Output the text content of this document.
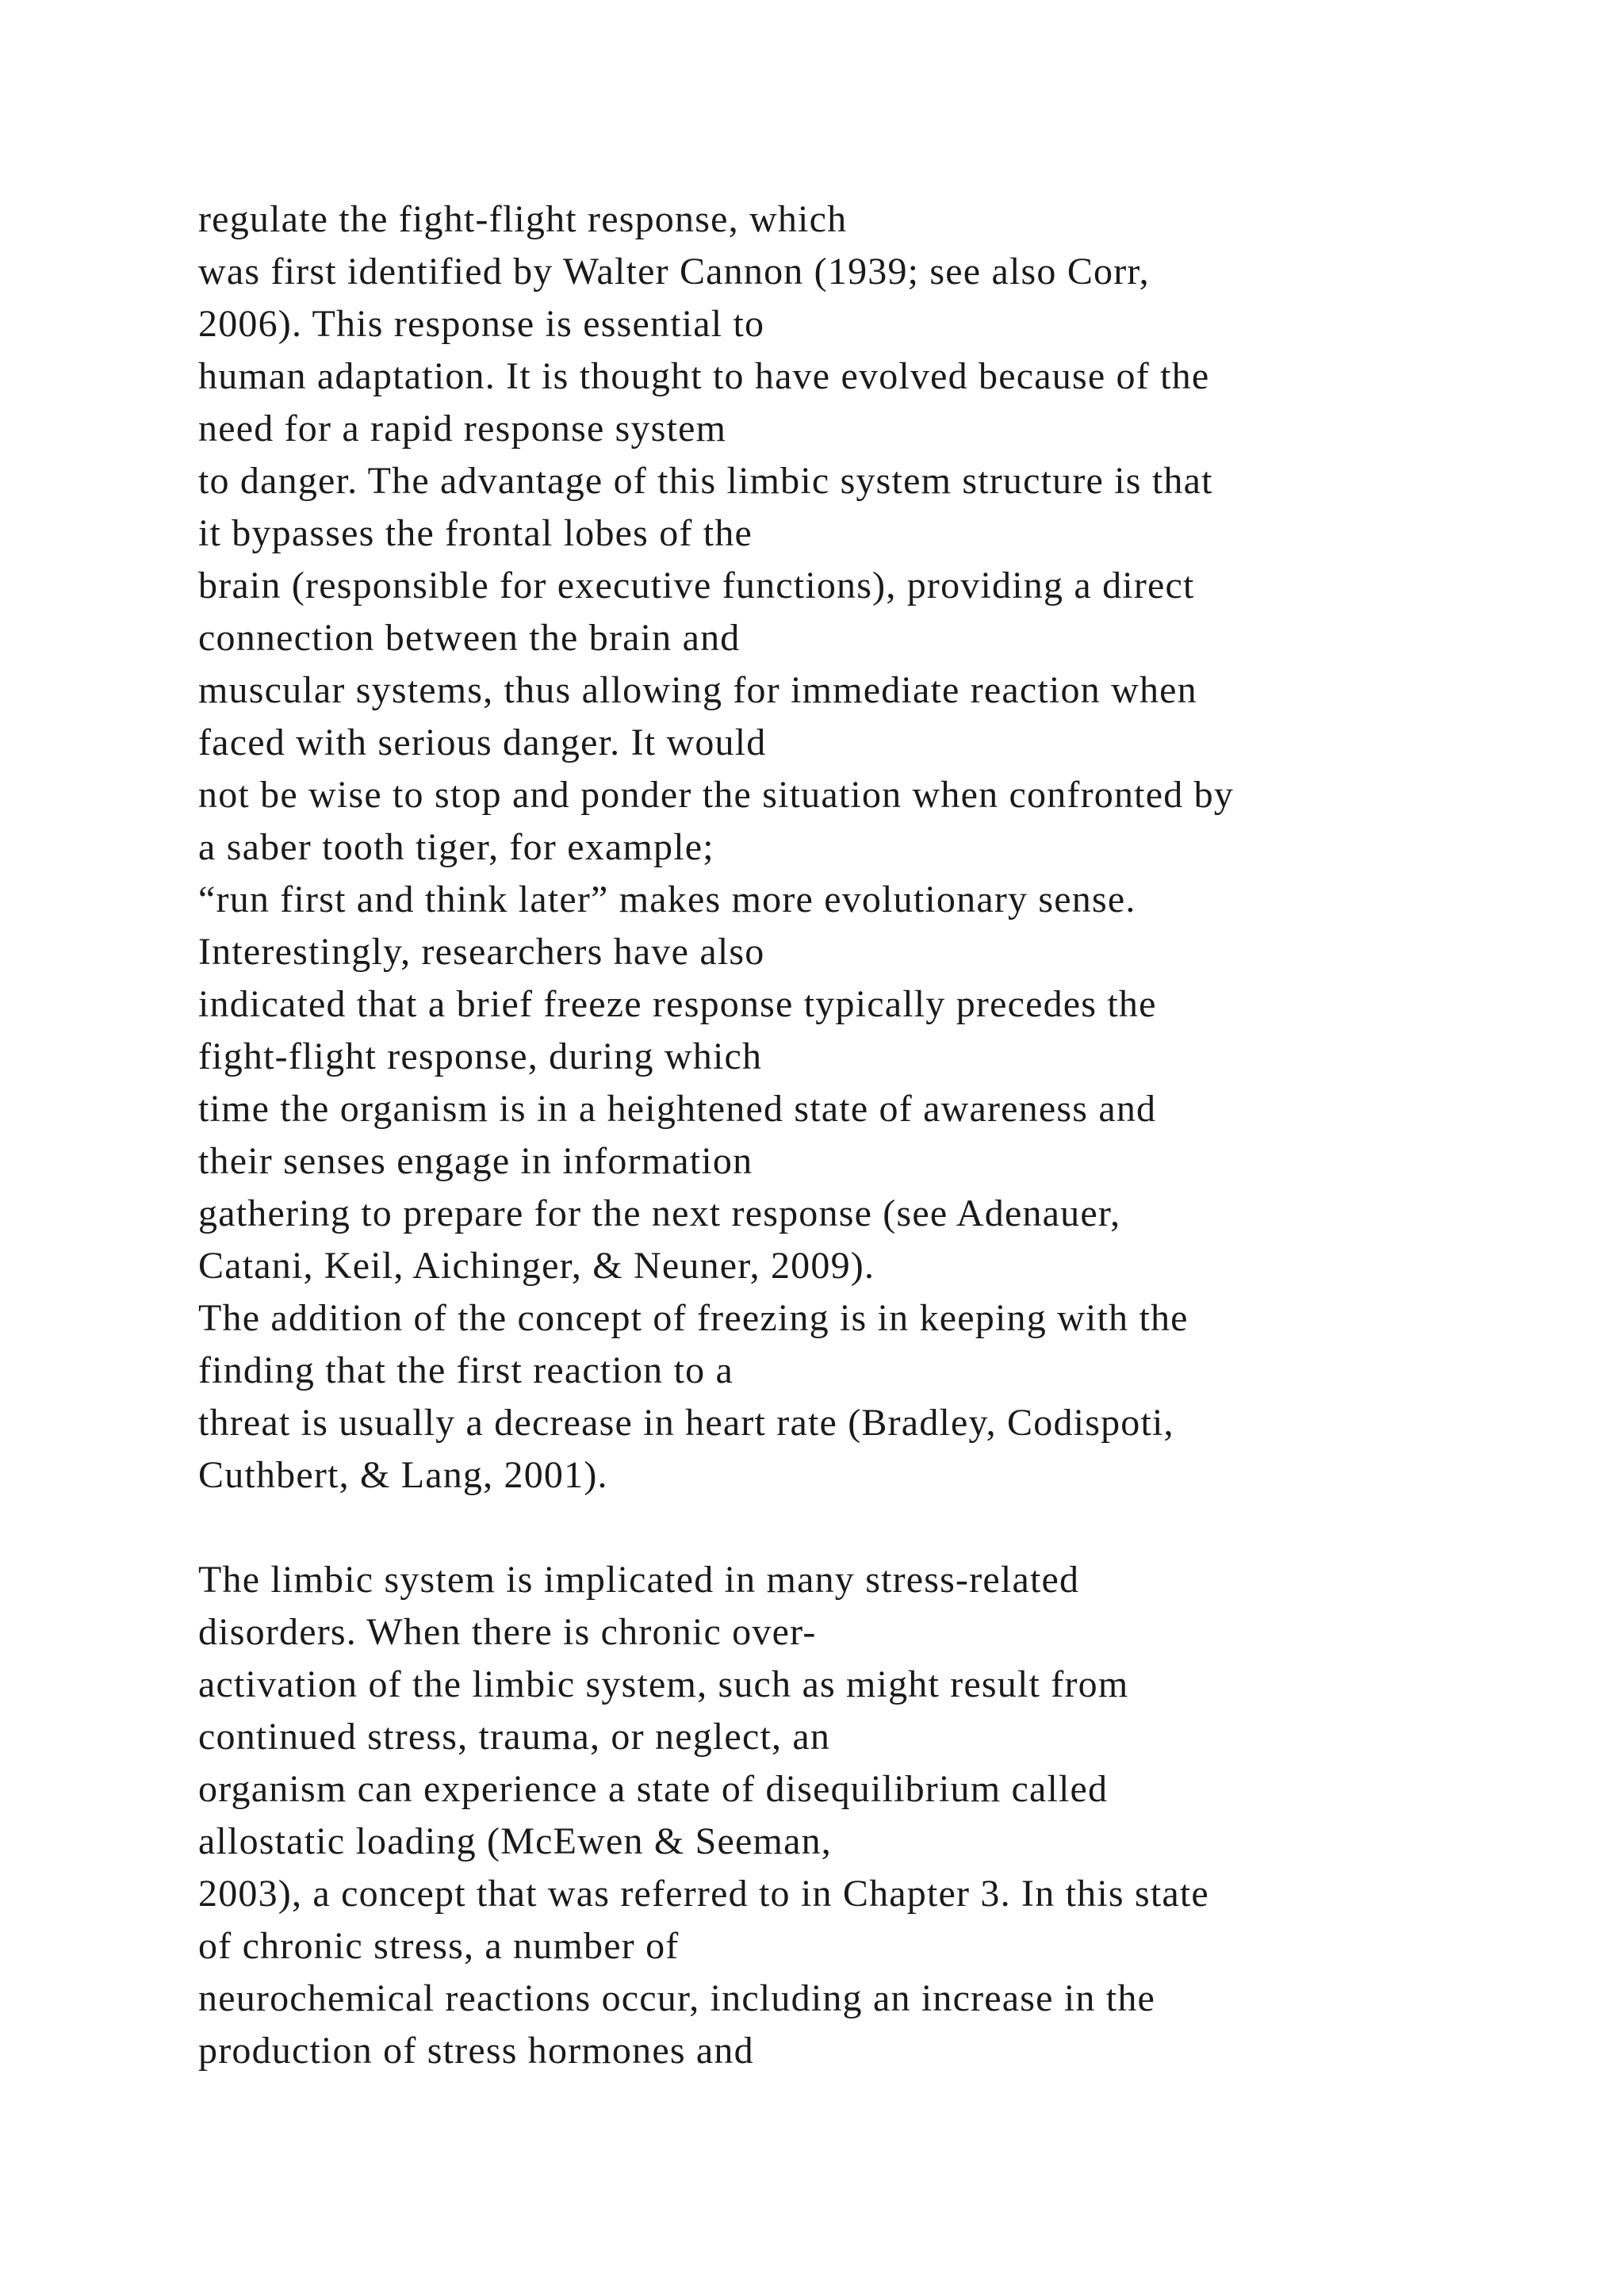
regulate the fight-flight response, which
was first identified by Walter Cannon (1939; see also Corr,
2006). This response is essential to
human adaptation. It is thought to have evolved because of the
need for a rapid response system
to danger. The advantage of this limbic system structure is that
it bypasses the frontal lobes of the
brain (responsible for executive functions), providing a direct
connection between the brain and
muscular systems, thus allowing for immediate reaction when
faced with serious danger. It would
not be wise to stop and ponder the situation when confronted by
a saber tooth tiger, for example;
“run first and think later” makes more evolutionary sense.
Interestingly, researchers have also
indicated that a brief freeze response typically precedes the
fight-flight response, during which
time the organism is in a heightened state of awareness and
their senses engage in information
gathering to prepare for the next response (see Adenauer,
Catani, Keil, Aichinger, & Neuner, 2009).
The addition of the concept of freezing is in keeping with the
finding that the first reaction to a
threat is usually a decrease in heart rate (Bradley, Codispoti,
Cuthbert, & Lang, 2001).
The limbic system is implicated in many stress-related
disorders. When there is chronic over-
activation of the limbic system, such as might result from
continued stress, trauma, or neglect, an
organism can experience a state of disequilibrium called
allostatic loading (McEwen & Seeman,
2003), a concept that was referred to in Chapter 3. In this state
of chronic stress, a number of
neurochemical reactions occur, including an increase in the
production of stress hormones and
